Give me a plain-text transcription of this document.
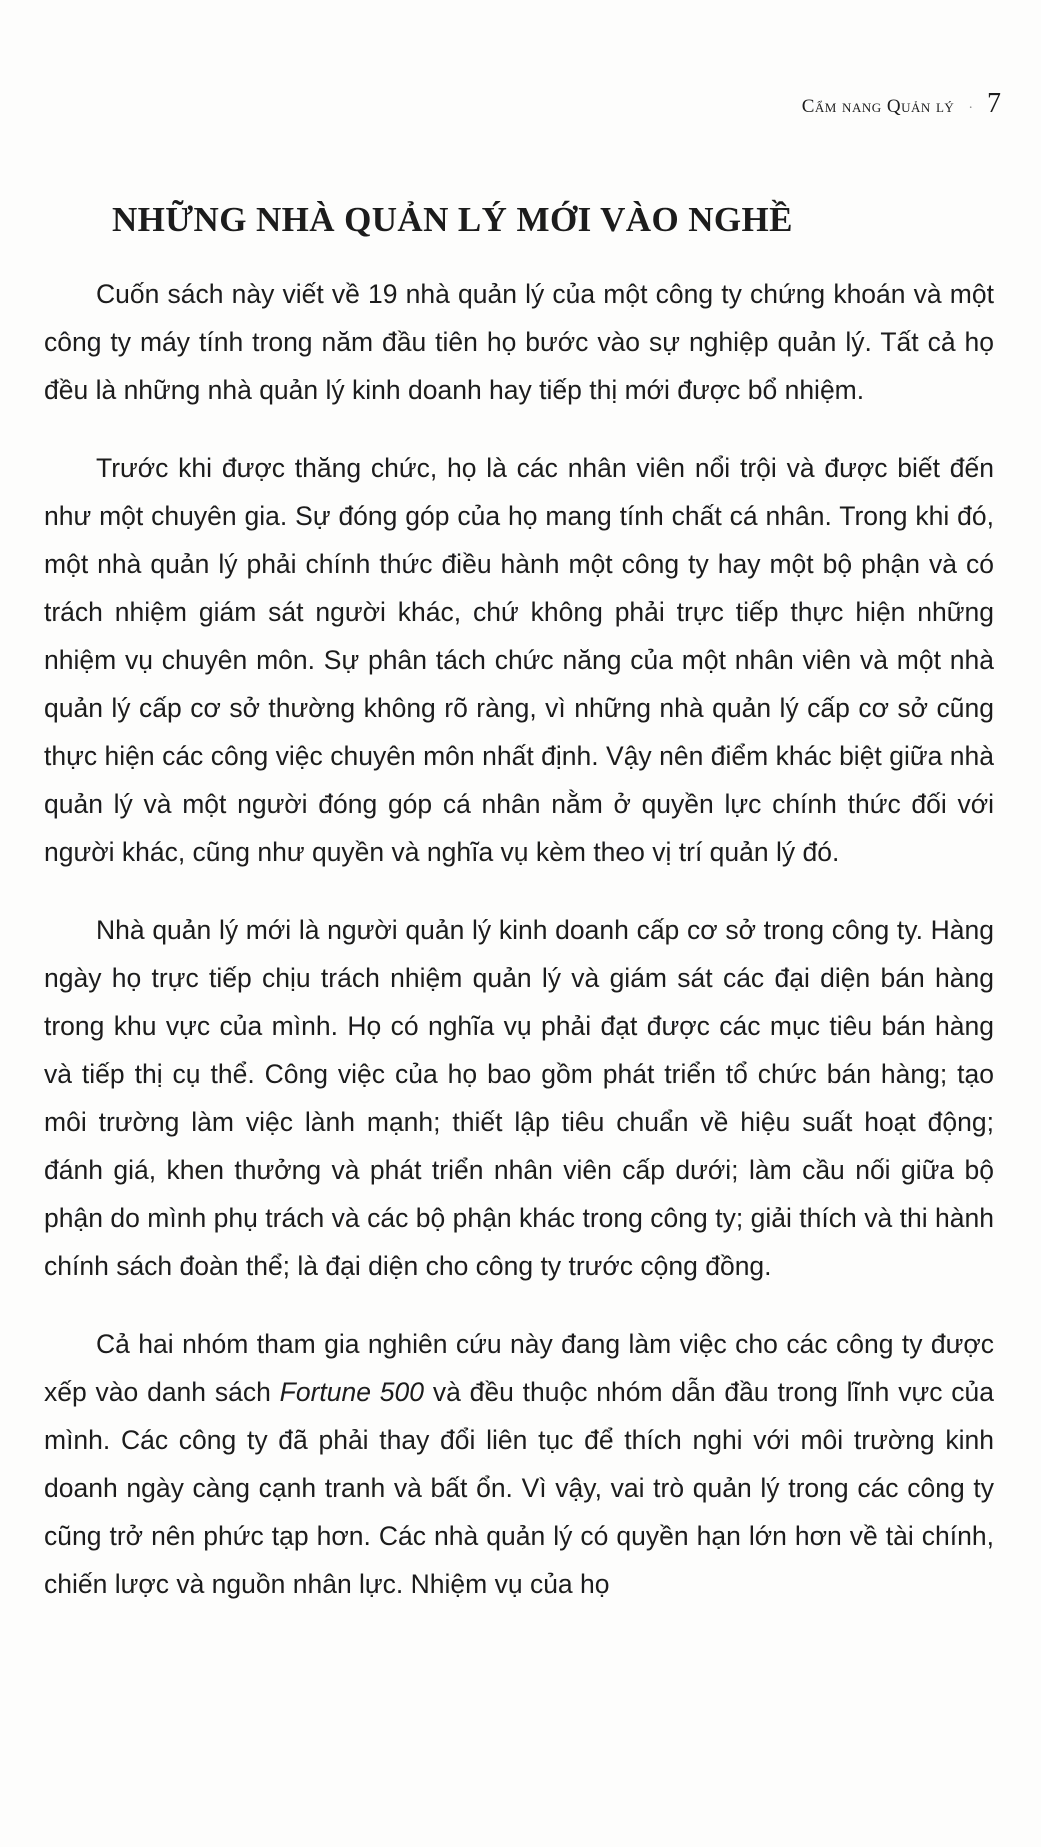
Cẩm nang Quản lý · 7
NHỮNG NHÀ QUẢN LÝ MỚI VÀO NGHỀ

Cuốn sách này viết về 19 nhà quản lý của một công ty chứng khoán và một công ty máy tính trong năm đầu tiên họ bước vào sự nghiệp quản lý. Tất cả họ đều là những nhà quản lý kinh doanh hay tiếp thị mới được bổ nhiệm.

Trước khi được thăng chức, họ là các nhân viên nổi trội và được biết đến như một chuyên gia. Sự đóng góp của họ mang tính chất cá nhân. Trong khi đó, một nhà quản lý phải chính thức điều hành một công ty hay một bộ phận và có trách nhiệm giám sát người khác, chứ không phải trực tiếp thực hiện những nhiệm vụ chuyên môn. Sự phân tách chức năng của một nhân viên và một nhà quản lý cấp cơ sở thường không rõ ràng, vì những nhà quản lý cấp cơ sở cũng thực hiện các công việc chuyên môn nhất định. Vậy nên điểm khác biệt giữa nhà quản lý và một người đóng góp cá nhân nằm ở quyền lực chính thức đối với người khác, cũng như quyền và nghĩa vụ kèm theo vị trí quản lý đó.

Nhà quản lý mới là người quản lý kinh doanh cấp cơ sở trong công ty. Hàng ngày họ trực tiếp chịu trách nhiệm quản lý và giám sát các đại diện bán hàng trong khu vực của mình. Họ có nghĩa vụ phải đạt được các mục tiêu bán hàng và tiếp thị cụ thể. Công việc của họ bao gồm phát triển tổ chức bán hàng; tạo môi trường làm việc lành mạnh; thiết lập tiêu chuẩn về hiệu suất hoạt động; đánh giá, khen thưởng và phát triển nhân viên cấp dưới; làm cầu nối giữa bộ phận do mình phụ trách và các bộ phận khác trong công ty; giải thích và thi hành chính sách đoàn thể; là đại diện cho công ty trước cộng đồng.

Cả hai nhóm tham gia nghiên cứu này đang làm việc cho các công ty được xếp vào danh sách Fortune 500 và đều thuộc nhóm dẫn đầu trong lĩnh vực của mình. Các công ty đã phải thay đổi liên tục để thích nghi với môi trường kinh doanh ngày càng cạnh tranh và bất ổn. Vì vậy, vai trò quản lý trong các công ty cũng trở nên phức tạp hơn. Các nhà quản lý có quyền hạn lớn hơn về tài chính, chiến lược và nguồn nhân lực. Nhiệm vụ của họ
